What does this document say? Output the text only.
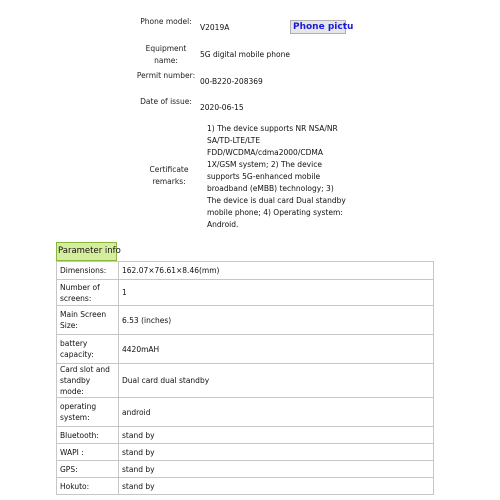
Phone model:
V2019A	Phone pictu
Equipment name:
5G digital mobile phone
Permit number:
00-B220-208369
Date of issue:
2020-06-15
Certificate remarks:
1) The device supports NR NSA/NR SA/TD-LTE/LTE FDD/WCDMA/cdma2000/CDMA 1X/GSM system; 2) The device supports 5G-enhanced mobile broadband (eMBB) technology; 3) The device is dual card Dual standby mobile phone; 4) Operating system: Android.
Parameter info
Dimensions:	162.07×76.61×8.46(mm)
Number of screens:	1
Main Screen Size:	6.53 (inches)
battery capacity:	4420mAH
Card slot and standby mode:	Dual card dual standby
operating system:	android
Bluetooth:	stand by
WAPI :	stand by
GPS:	stand by
Hokuto:	stand by
